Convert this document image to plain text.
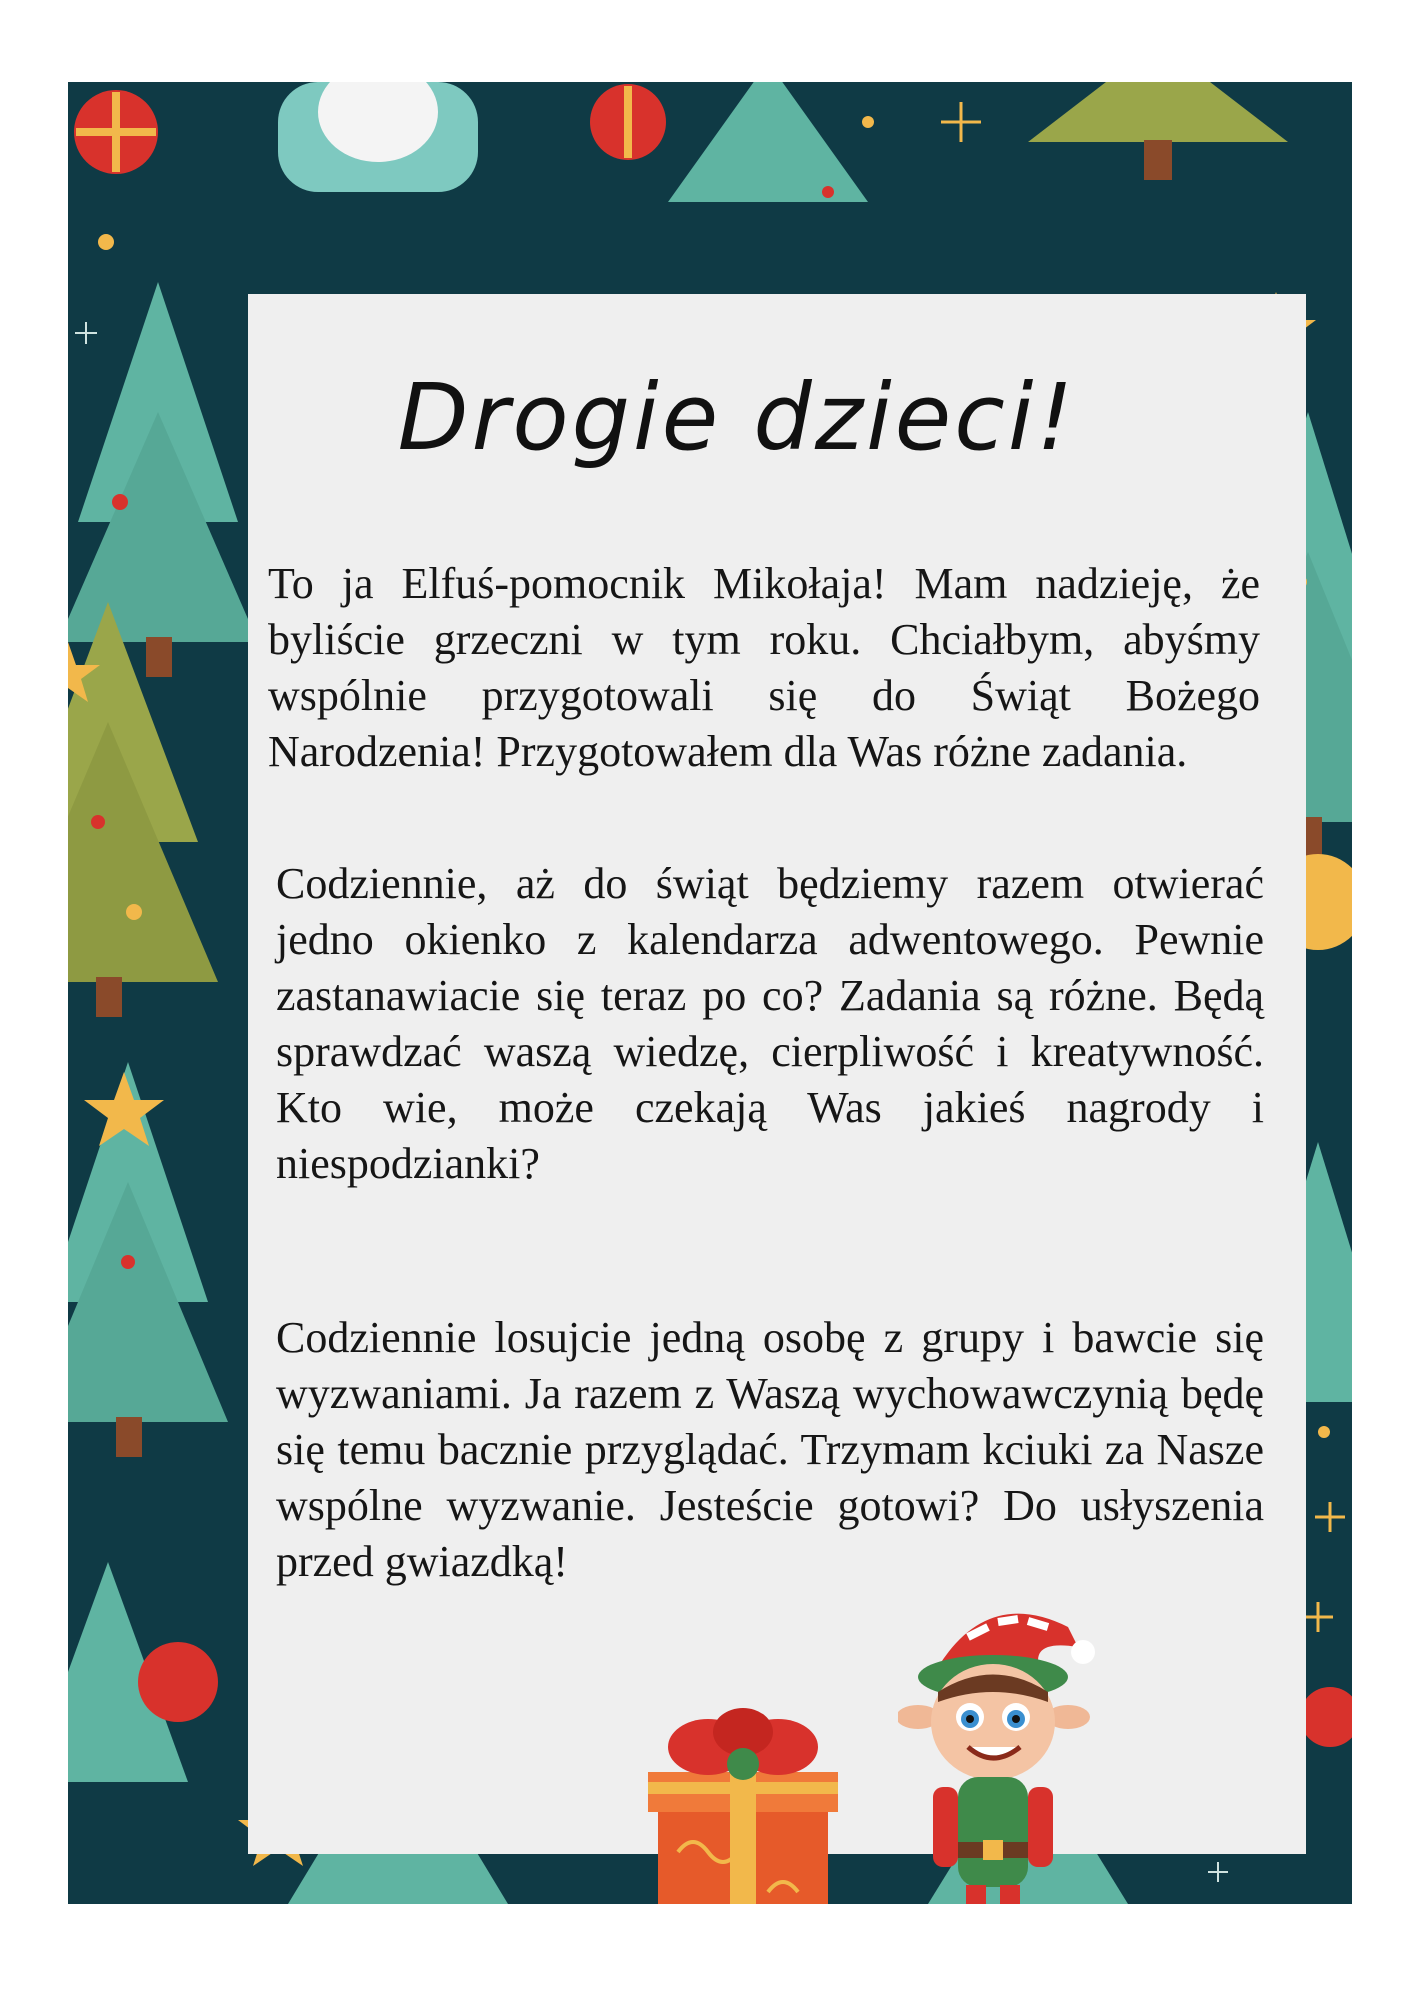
Drogie dzieci!

To ja Elfuś-pomocnik Mikołaja! Mam nadzieję, że byliście grzeczni w tym roku. Chciałbym, abyśmy wspólnie przygotowali się do Świąt Bożego Narodzenia! Przygotowałem dla Was różne zadania.

Codziennie, aż do świąt będziemy razem otwierać jedno okienko z kalendarza adwentowego. Pewnie zastanawiacie się teraz po co? Zadania są różne. Będą sprawdzać waszą wiedzę, cierpliwość i kreatywność. Kto wie, może czekają Was jakieś nagrody i niespodzianki?

Codziennie losujcie jedną osobę z grupy i bawcie się wyzwaniami. Ja razem z Waszą wychowawczynią będę się temu bacznie przyglądać. Trzymam kciuki za Nasze wspólne wyzwanie. Jesteście gotowi? Do usłyszenia przed gwiazdką!
